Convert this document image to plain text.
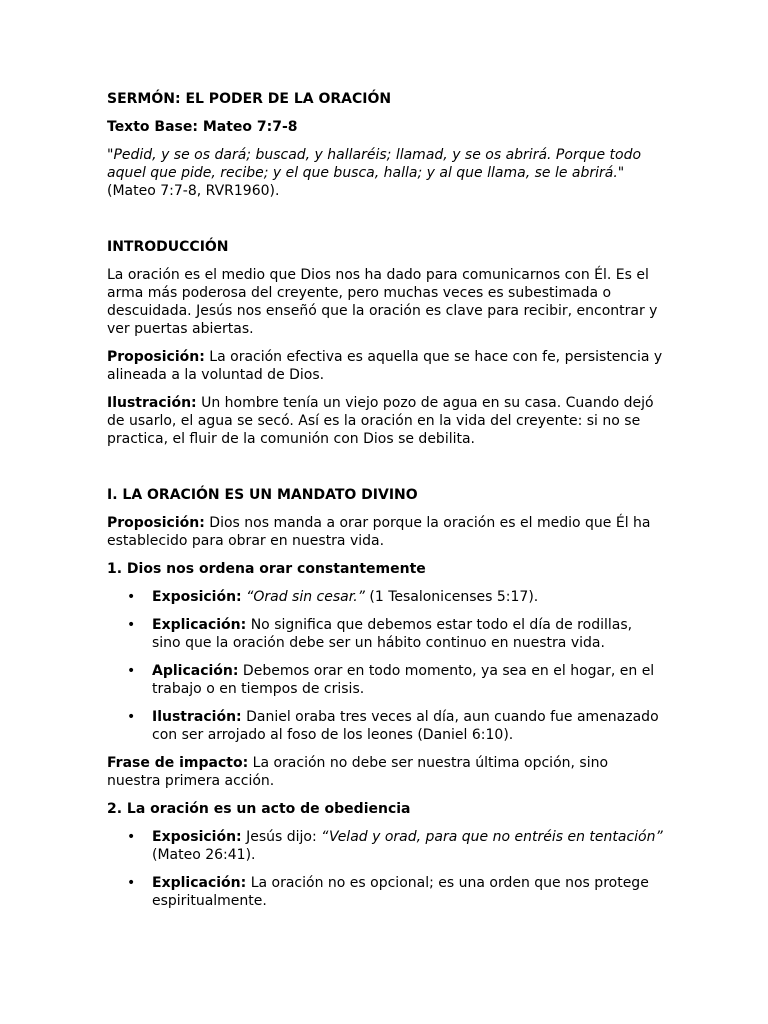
SERMÓN: EL PODER DE LA ORACIÓN
Texto Base: Mateo 7:7-8
"Pedid, y se os dará; buscad, y hallaréis; llamad, y se os abrirá. Porque todo aquel que pide, recibe; y el que busca, halla; y al que llama, se le abrirá." (Mateo 7:7-8, RVR1960).
INTRODUCCIÓN
La oración es el medio que Dios nos ha dado para comunicarnos con Él. Es el arma más poderosa del creyente, pero muchas veces es subestimada o descuidada. Jesús nos enseñó que la oración es clave para recibir, encontrar y ver puertas abiertas.
Proposición: La oración efectiva es aquella que se hace con fe, persistencia y alineada a la voluntad de Dios.
Ilustración: Un hombre tenía un viejo pozo de agua en su casa. Cuando dejó de usarlo, el agua se secó. Así es la oración en la vida del creyente: si no se practica, el fluir de la comunión con Dios se debilita.
I. LA ORACIÓN ES UN MANDATO DIVINO
Proposición: Dios nos manda a orar porque la oración es el medio que Él ha establecido para obrar en nuestra vida.
1. Dios nos ordena orar constantemente
• Exposición: “Orad sin cesar.” (1 Tesalonicenses 5:17).
• Explicación: No significa que debemos estar todo el día de rodillas, sino que la oración debe ser un hábito continuo en nuestra vida.
• Aplicación: Debemos orar en todo momento, ya sea en el hogar, en el trabajo o en tiempos de crisis.
• Ilustración: Daniel oraba tres veces al día, aun cuando fue amenazado con ser arrojado al foso de los leones (Daniel 6:10).
Frase de impacto: La oración no debe ser nuestra última opción, sino nuestra primera acción.
2. La oración es un acto de obediencia
• Exposición: Jesús dijo: “Velad y orad, para que no entréis en tentación” (Mateo 26:41).
• Explicación: La oración no es opcional; es una orden que nos protege espiritualmente.
